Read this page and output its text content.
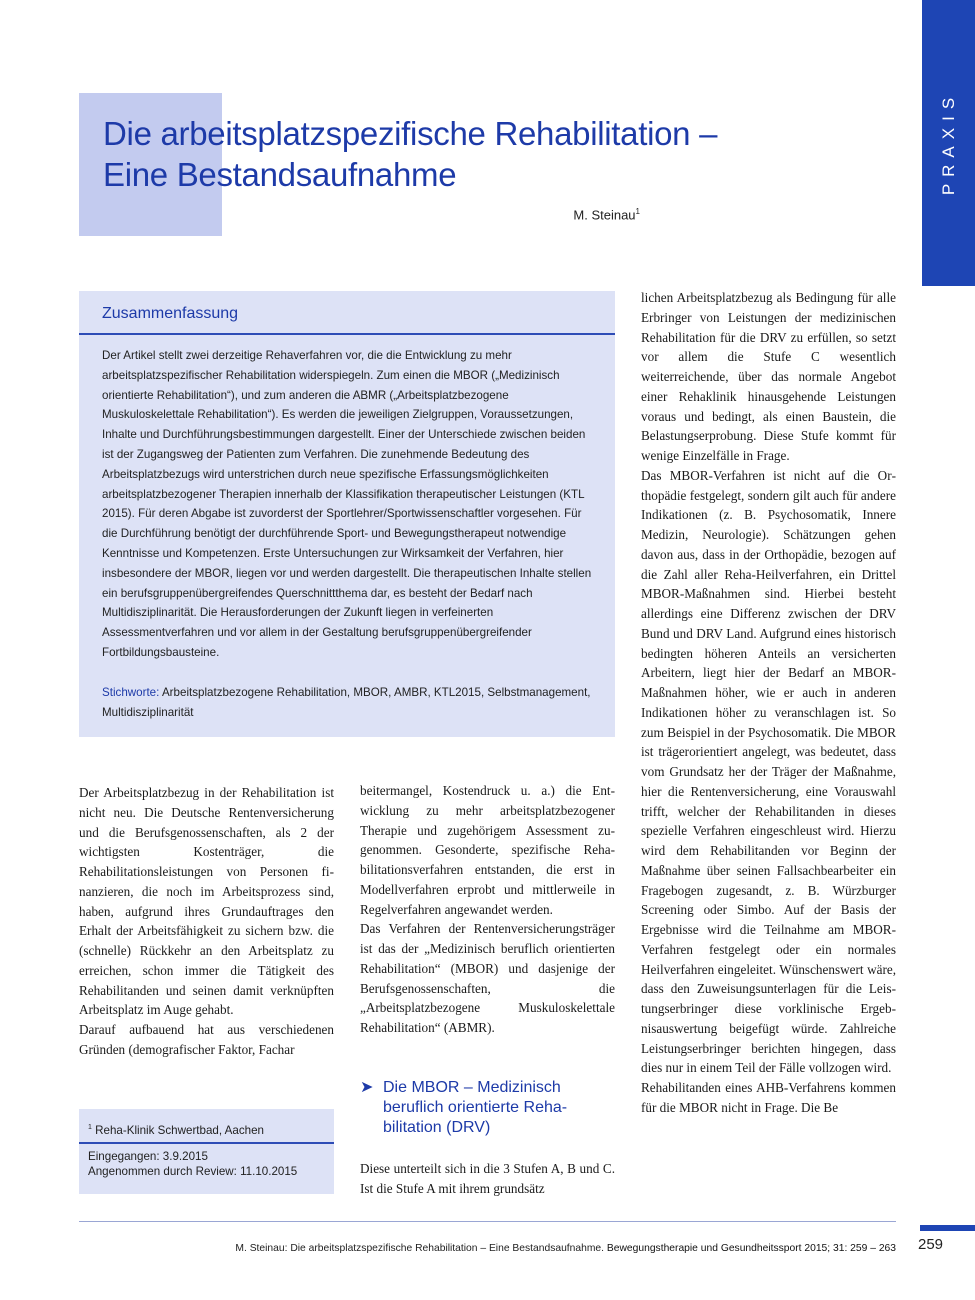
Die arbeitsplatzspezifische Rehabilitation –
Eine Bestandsaufnahme
M. Steinau$^1$
PRAXIS
Zusammenfassung

Der Artikel stellt zwei derzeitige Rehaverfahren vor, die die Entwicklung zu mehr arbeitsplatzspezifischer Rehabilitation widerspiegeln. Zum einen die MBOR („Medizinisch orientierte Rehabilitation“), und zum anderen die ABMR („Arbeitsplatzbezogene Muskuloskelettale Rehabilitation“). Es werden die jeweiligen Zielgruppen, Voraussetzungen, Inhalte und Durchführungsbestimmungen dargestellt. Einer der Unterschiede zwischen beiden ist der Zugangsweg der Patienten zum Verfahren. Die zunehmende Bedeutung des Arbeitsplatzbezugs wird unterstrichen durch neue spezifische Erfassungsmöglichkeiten arbeitsplatzbezogener Therapien innerhalb der Klassifikation therapeutischer Leistungen (KTL 2015). Für deren Abgabe ist zuvorderst der Sportlehrer/Sportwissenschaftler vorgesehen. Für die Durchführung benötigt der durchführende Sport- und Bewegungstherapeut notwendige Kenntnisse und Kompetenzen. Erste Untersuchungen zur Wirksamkeit der Verfahren, hier insbesondere der MBOR, liegen vor und werden dargestellt. Die therapeutischen Inhalte stellen ein berufsgruppenübergreifendes Querschnittthema dar, es besteht der Bedarf nach Multidisziplinarität. Die Herausforderungen der Zukunft liegen in verfeinerten Assessmentverfahren und vor allem in der Gestaltung berufsgruppenübergreifender Fortbildungsbausteine.

Stichworte: Arbeitsplatzbezogene Rehabilitation, MBOR, AMBR, KTL2015, Selbstmanagement, Multidisziplinarität

Der Arbeitsplatzbezug in der Rehabilitation ist nicht neu. Die Deutsche Rentenversicherung und die Berufsgenossenschaften, als 2 der wichtigsten Kostenträger, die Rehabilitationsleistungen von Personen finanzieren, die noch im Arbeitsprozess sind, haben, aufgrund ihres Grundauftrages den Erhalt der Arbeitsfähigkeit zu sichern bzw. die (schnelle) Rückkehr an den Arbeitsplatz zu erreichen, schon immer die Tätigkeit des Rehabilitanden und seinen damit verknüpften Arbeitsplatz im Auge gehabt.

Darauf aufbauend hat aus verschiedenen Gründen (demografischer Faktor, Fachar

$^1$ Reha-Klinik Schwertbad, Aachen
Eingegangen: 3.9.2015
Angenommen durch Review: 11.10.2015

beitermangel, Kostendruck u. a.) die Entwicklung zu mehr arbeitsplatzbezogener Therapie und zugehörigem Assessment zugenommen. Gesonderte, spezifische Rehabilitationsverfahren entstanden, die erst in Modellverfahren erprobt und mittlerweile in Regelverfahren angewandet werden.

Das Verfahren der Rentenversicherungsträger ist das der „Medizinisch beruflich orientierten Rehabilitation“ (MBOR) und dasjenige der Berufsgenossenschaften, die „Arbeitsplatzbezogene Muskuloskelettale Rehabilitation“ (ABMR).

➤ Die MBOR – Medizinisch beruflich orientierte Rehabilitation (DRV)

Diese unterteilt sich in die 3 Stufen A, B und C. Ist die Stufe A mit ihrem grundsätz

lichen Arbeitsplatzbezug als Bedingung für alle Erbringer von Leistungen der medizinischen Rehabilitation für die DRV zu erfüllen, so setzt vor allem die Stufe C wesentlich weiterreichende, über das normale Angebot einer Rehaklinik hinausgehende Leistungen voraus und bedingt, als einen Baustein, die Belastungserprobung. Diese Stufe kommt für wenige Einzelfälle in Frage.

Das MBOR-Verfahren ist nicht auf die Orthopädie festgelegt, sondern gilt auch für andere Indikationen (z. B. Psychosomatik, Innere Medizin, Neurologie). Schätzungen gehen davon aus, dass in der Orthopädie, bezogen auf die Zahl aller Reha-Heilverfahren, ein Drittel MBOR-Maßnahmen sind. Hierbei besteht allerdings eine Differenz zwischen der DRV Bund und DRV Land. Aufgrund eines historisch bedingten höheren Anteils an versicherten Arbeitern, liegt hier der Bedarf an MBOR-Maßnahmen höher, wie er auch in anderen Indikationen höher zu veranschlagen ist. So zum Beispiel in der Psychosomatik. Die MBOR ist trägerorientiert angelegt, was bedeutet, dass vom Grundsatz her der Träger der Maßnahme, hier die Rentenversicherung, eine Vorauswahl trifft, welcher der Rehabilitanden in dieses spezielle Verfahren eingeschleust wird. Hierzu wird dem Rehabilitanden vor Beginn der Maßnahme über seinen Fallsachbearbeiter ein Fragebogen zugesandt, z. B. Würzburger Screening oder Simbo. Auf der Basis der Ergebnisse wird die Teilnahme am MBOR-Verfahren festgelegt oder ein normales Heilverfahren eingeleitet. Wünschenswert wäre, dass den Zuweisungsunterlagen für die Leistungserbringer diese vorklinische Ergebnisauswertung beigefügt würde. Zahlreiche Leistungserbringer berichten hingegen, dass dies nur in einem Teil der Fälle vollzogen wird.

Rehabilitanden eines AHB-Verfahrens kommen für die MBOR nicht in Frage. Die Be

M. Steinau: Die arbeitsplatzspezifische Rehabilitation – Eine Bestandsaufnahme. Bewegungstherapie und Gesundheitssport 2015; 31: 259 – 263 259
